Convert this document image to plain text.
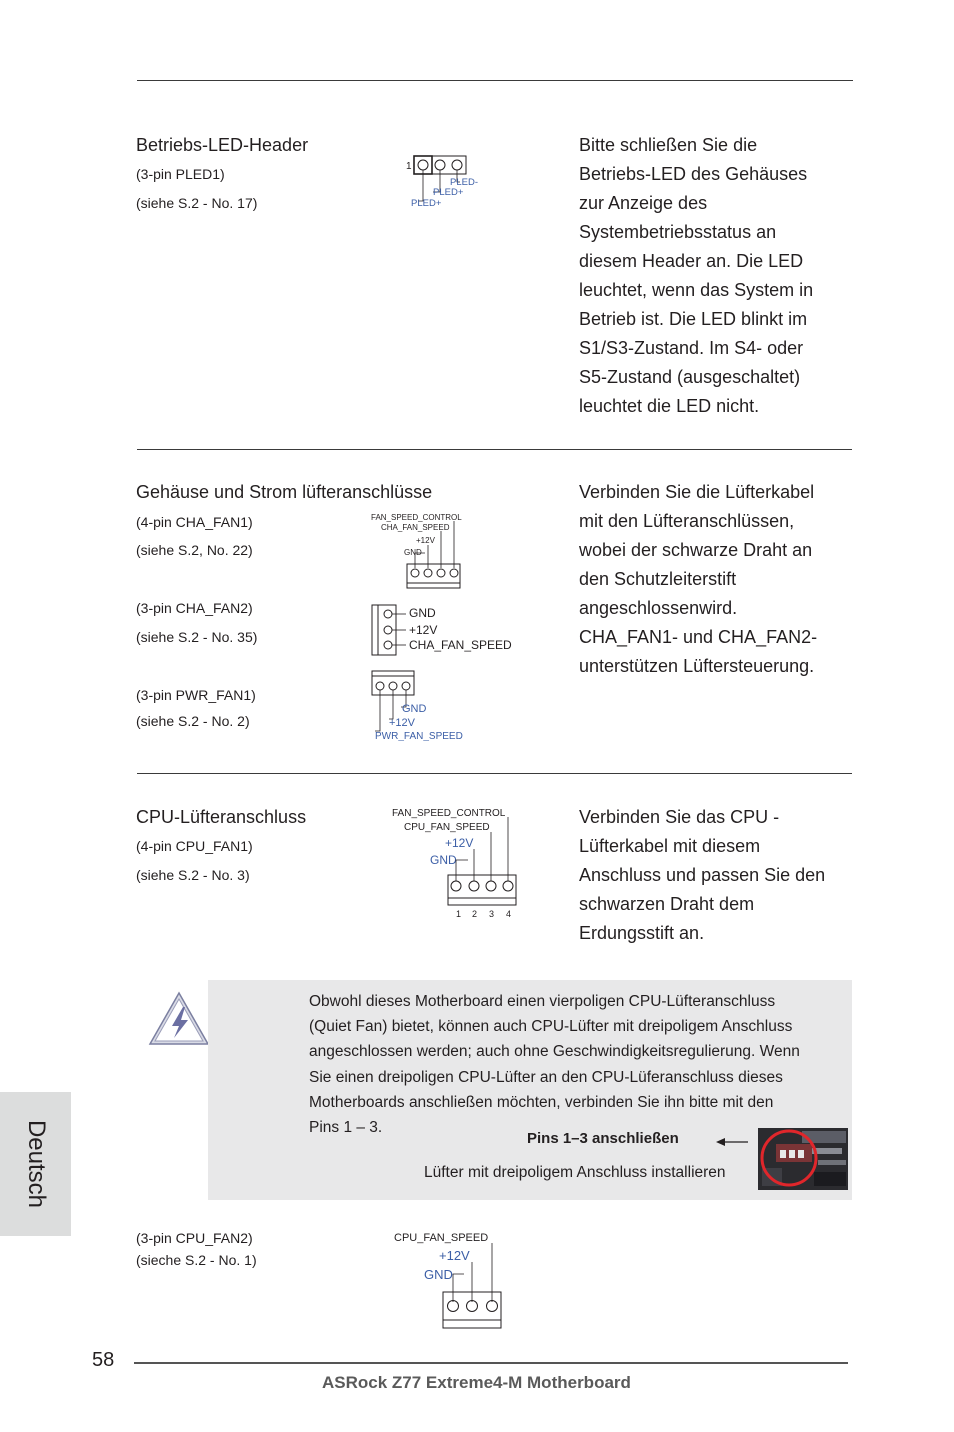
Betriebs-LED-Header
(3-pin PLED1)
(siehe S.2 - No. 17)
1
PLED-
PLED+
PLED+
Bitte schließen Sie die
Betriebs-LED des Gehäuses
zur Anzeige des
Systembetriebsstatus an
diesem Header an. Die LED
leuchtet, wenn das System in
Betrieb ist. Die LED blinkt im
S1/S3-Zustand. Im S4- oder
S5-Zustand (ausgeschaltet)
leuchtet die LED nicht.
Gehäuse und Strom lüfteranschlüsse
(4-pin CHA_FAN1)
(siehe S.2, No. 22)
(3-pin CHA_FAN2)
(siehe S.2 - No. 35)
(3-pin PWR_FAN1)
(siehe S.2 - No. 2)
FAN_SPEED_CONTROL
CHA_FAN_SPEED
+12V
GND
GND
+12V
CHA_FAN_SPEED
GND
+12V
PWR_FAN_SPEED
Verbinden Sie die Lüfterkabel
mit den Lüfteranschlüssen,
wobei der schwarze Draht an
den Schutzleiterstift
angeschlossenwird.
CHA_FAN1- und CHA_FAN2-
unterstützen Lüftersteuerung.
CPU-Lüfteranschluss
(4-pin CPU_FAN1)
(siehe S.2 - No. 3)
FAN_SPEED_CONTROL
CPU_FAN_SPEED
+12V
GND
1 2 3 4
Verbinden Sie das CPU -
Lüfterkabel mit diesem
Anschluss und passen Sie den
schwarzen Draht dem
Erdungsstift an.
Obwohl dieses Motherboard einen vierpoligen CPU-Lüfteranschluss
(Quiet Fan) bietet, können auch CPU-Lüfter mit dreipoligem Anschluss
angeschlossen werden; auch ohne Geschwindigkeitsregulierung. Wenn
Sie einen dreipoligen CPU-Lüfter an den CPU-Lüferanschluss dieses
Motherboards anschließen möchten, verbinden Sie ihn bitte mit den
Pins 1 – 3.
Pins 1–3 anschließen
Lüfter mit dreipoligem Anschluss installieren
(3-pin CPU_FAN2)
(sieche S.2 - No. 1)
CPU_FAN_SPEED
+12V
GND
Deutsch
58
ASRock Z77 Extreme4-M Motherboard
